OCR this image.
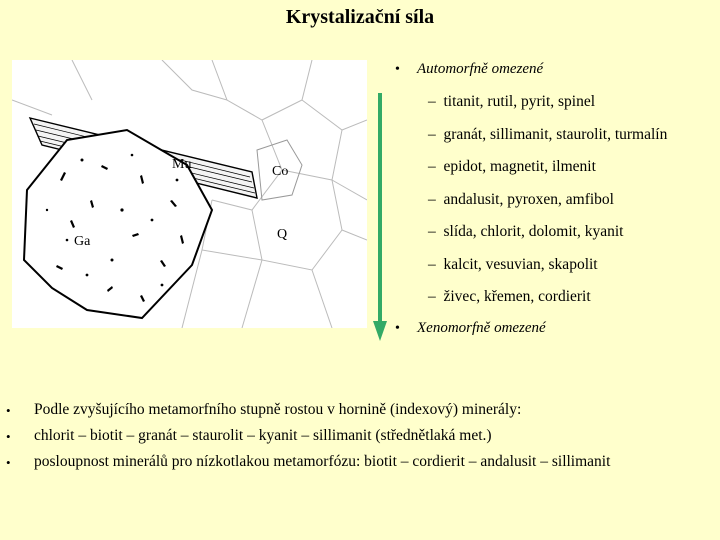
Krystalizační síla
Mu	Co
Q
Ga
• Automorfně omezené
– titanit, rutil, pyrit, spinel
– granát, sillimanit, staurolit, turmalín
– epidot, magnetit, ilmenit
– andalusit, pyroxen, amfibol
– slída, chlorit, dolomit, kyanit
– kalcit, vesuvian, skapolit
– živec, křemen, cordierit
• Xenomorfně omezené
• Podle zvyšujícího metamorfního stupně rostou v hornině (indexový) minerály:
• chlorit – biotit – granát – staurolit – kyanit – sillimanit (střednětlaká met.)
• posloupnost minerálů pro nízkotlakou metamorfózu: biotit – cordierit – andalusit – sillimanit
